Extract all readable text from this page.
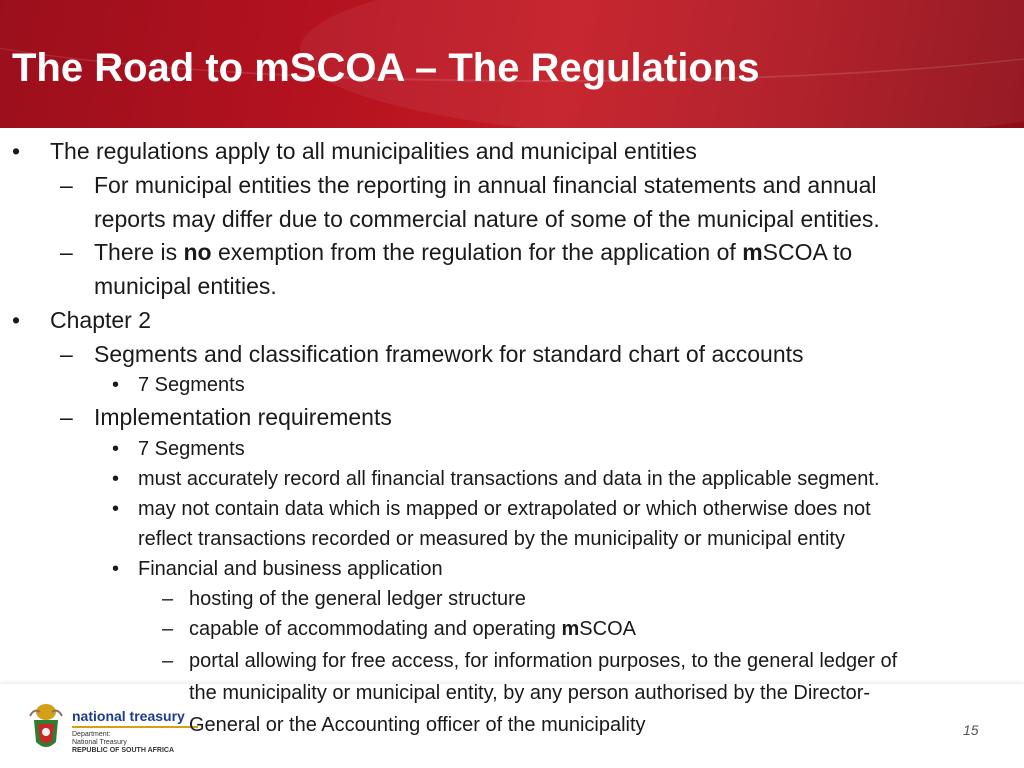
The Road to mSCOA – The Regulations
• The regulations apply to all municipalities and municipal entities
– For municipal entities the reporting in annual financial statements and annual
reports may differ due to commercial nature of some of the municipal entities.
– There is no exemption from the regulation for the application of mSCOA to
municipal entities.
• Chapter 2
– Segments and classification framework for standard chart of accounts
• 7 Segments
– Implementation requirements
• 7 Segments
• must accurately record all financial transactions and data in the applicable segment.
• may not contain data which is mapped or extrapolated or which otherwise does not
reflect transactions recorded or measured by the municipality or municipal entity
• Financial and business application
– hosting of the general ledger structure
– capable of accommodating and operating mSCOA
– portal allowing for free access, for information purposes, to the general ledger of
national treasury
Department:
National Treasury
REPUBLIC OF SOUTH AFRICA
the municipality or municipal entity, by any person authorised by the Director-
General or the Accounting officer of the municipality	15
